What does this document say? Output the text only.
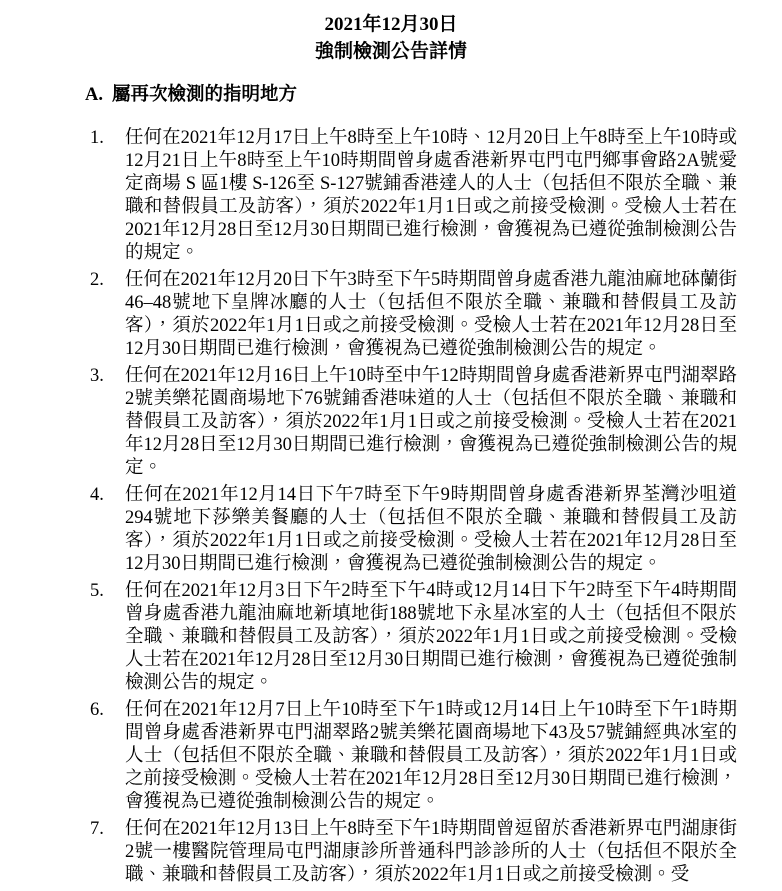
2021年12月30日
強制檢測公告詳情
A. 屬再次檢測的指明地方
1.	任何在2021年12月17日上午8時至上午10時、12月20日上午8時至上午10時或12月21日上午8時至上午10時期間曾身處香港新界屯門屯門鄉事會路2A號愛定商場 S 區1樓 S-126至 S-127號鋪香港達人的人士（包括但不限於全職、兼職和替假員工及訪客），須於2022年1月1日或之前接受檢測。受檢人士若在2021年12月28日至12月30日期間已進行檢測，會獲視為已遵從強制檢測公告的規定。
2.	任何在2021年12月20日下午3時至下午5時期間曾身處香港九龍油麻地砵蘭街46–48號地下皇牌冰廳的人士（包括但不限於全職、兼職和替假員工及訪客），須於2022年1月1日或之前接受檢測。受檢人士若在2021年12月28日至12月30日期間已進行檢測，會獲視為已遵從強制檢測公告的規定。
3.	任何在2021年12月16日上午10時至中午12時期間曾身處香港新界屯門湖翠路2號美樂花園商場地下76號鋪香港味道的人士（包括但不限於全職、兼職和替假員工及訪客），須於2022年1月1日或之前接受檢測。受檢人士若在2021年12月28日至12月30日期間已進行檢測，會獲視為已遵從強制檢測公告的規定。
4.	任何在2021年12月14日下午7時至下午9時期間曾身處香港新界荃灣沙咀道294號地下莎樂美餐廳的人士（包括但不限於全職、兼職和替假員工及訪客），須於2022年1月1日或之前接受檢測。受檢人士若在2021年12月28日至12月30日期間已進行檢測，會獲視為已遵從強制檢測公告的規定。
5.	任何在2021年12月3日下午2時至下午4時或12月14日下午2時至下午4時期間曾身處香港九龍油麻地新填地街188號地下永星冰室的人士（包括但不限於全職、兼職和替假員工及訪客），須於2022年1月1日或之前接受檢測。受檢人士若在2021年12月28日至12月30日期間已進行檢測，會獲視為已遵從強制檢測公告的規定。
6.	任何在2021年12月7日上午10時至下午1時或12月14日上午10時至下午1時期間曾身處香港新界屯門湖翠路2號美樂花園商場地下43及57號鋪經典冰室的人士（包括但不限於全職、兼職和替假員工及訪客），須於2022年1月1日或之前接受檢測。受檢人士若在2021年12月28日至12月30日期間已進行檢測，會獲視為已遵從強制檢測公告的規定。
7.	任何在2021年12月13日上午8時至下午1時期間曾逗留於香港新界屯門湖康街2號一樓醫院管理局屯門湖康診所普通科門診診所的人士（包括但不限於全職、兼職和替假員工及訪客），須於2022年1月1日或之前接受檢測。受
